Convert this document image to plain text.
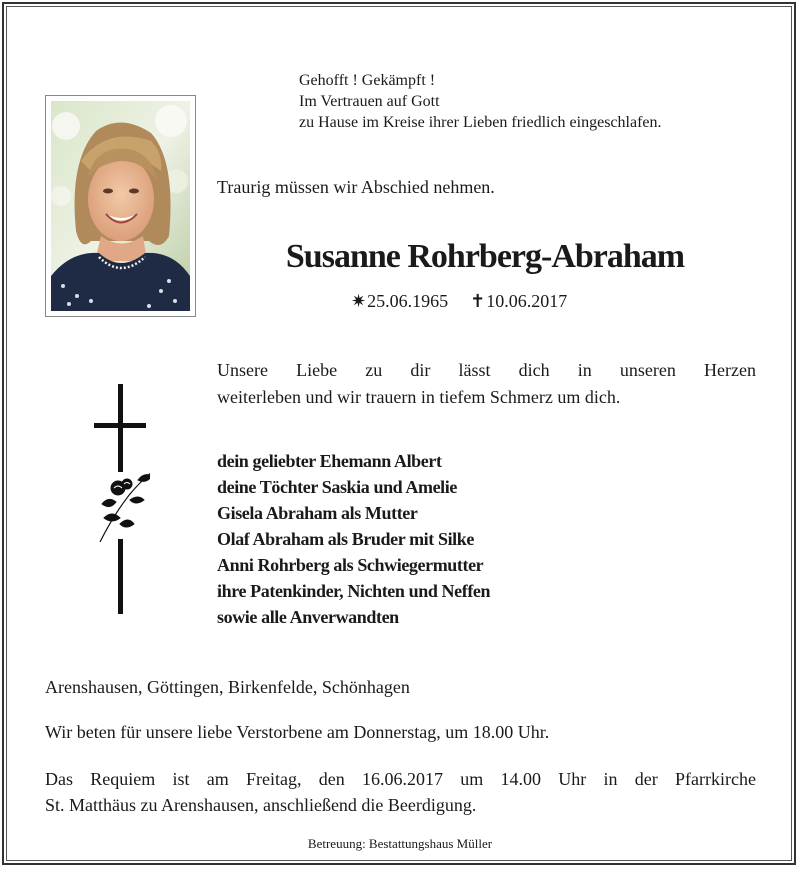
Gehofft ! Gekämpft !
Im Vertrauen auf Gott
zu Hause im Kreise ihrer Lieben friedlich eingeschlafen.
Traurig müssen wir Abschied nehmen.
Susanne Rohrberg-Abraham
✷25.06.1965 ✝10.06.2017
Unsere Liebe zu dir lässt dich in unseren Herzen
weiterleben und wir trauern in tiefem Schmerz um dich.
dein geliebter Ehemann Albert
deine Töchter Saskia und Amelie
Gisela Abraham als Mutter
Olaf Abraham als Bruder mit Silke
Anni Rohrberg als Schwiegermutter
ihre Patenkinder, Nichten und Neffen
sowie alle Anverwandten
Arenshausen, Göttingen, Birkenfelde, Schönhagen
Wir beten für unsere liebe Verstorbene am Donnerstag, um 18.00 Uhr.
Das Requiem ist am Freitag, den 16.06.2017 um 14.00 Uhr in der Pfarrkirche
St. Matthäus zu Arenshausen, anschließend die Beerdigung.
Betreuung: Bestattungshaus Müller
